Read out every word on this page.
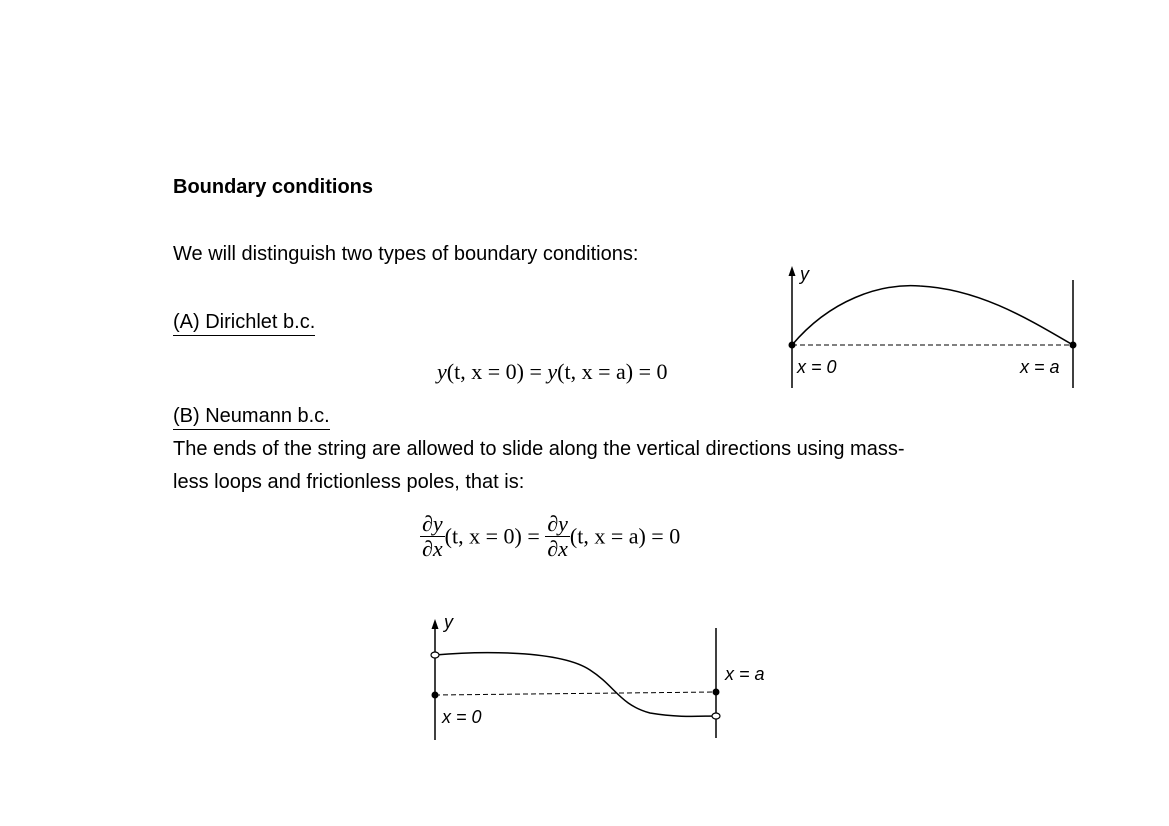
Boundary conditions
We will distinguish two types of boundary conditions:
(A) Dirichlet b.c.
y(t, x = 0) = y(t, x = a) = 0
y
x = 0	x = a
(B) Neumann b.c.
The ends of the string are allowed to slide along the vertical directions using mass-
less loops and frictionless poles, that is:
$\frac{\partial y}{\partial x} (t$, $x = 0) = \frac{\partial y}{\partial x} (t$, x = a) = 0
y
x = 0
x = a
